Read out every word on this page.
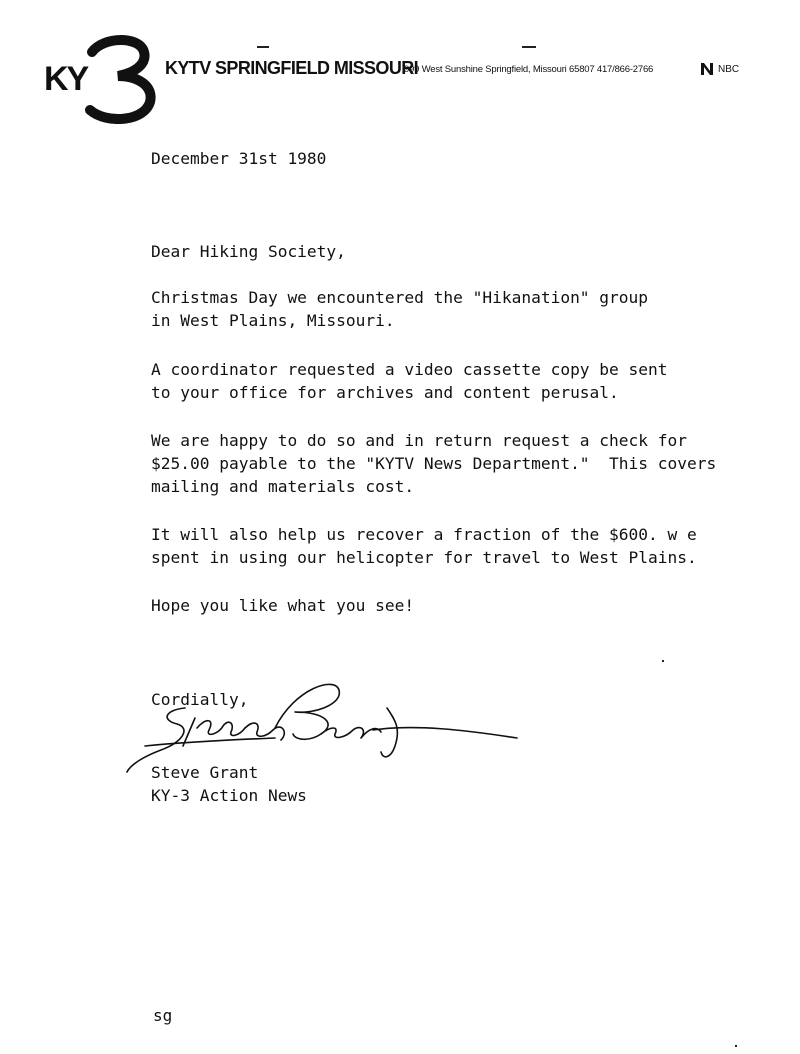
KY	KYTV SPRINGFIELD MISSOURI
999 West Sunshine Springfield, Missouri 65807 417/866-2766	NBC
December 31st 1980
Dear Hiking Society,
Christmas Day we encountered the "Hikanation" group
in West Plains, Missouri.
A coordinator requested a video cassette copy be sent
to your office for archives and content perusal.
We are happy to do so and in return request a check for
$25.00 payable to the "KYTV News Department."  This covers
mailing and materials cost.
It will also help us recover a fraction of the $600. w e
spent in using our helicopter for travel to West Plains.
Hope you like what you see!
Cordially,
Steve Grant
KY-3 Action News
sg
